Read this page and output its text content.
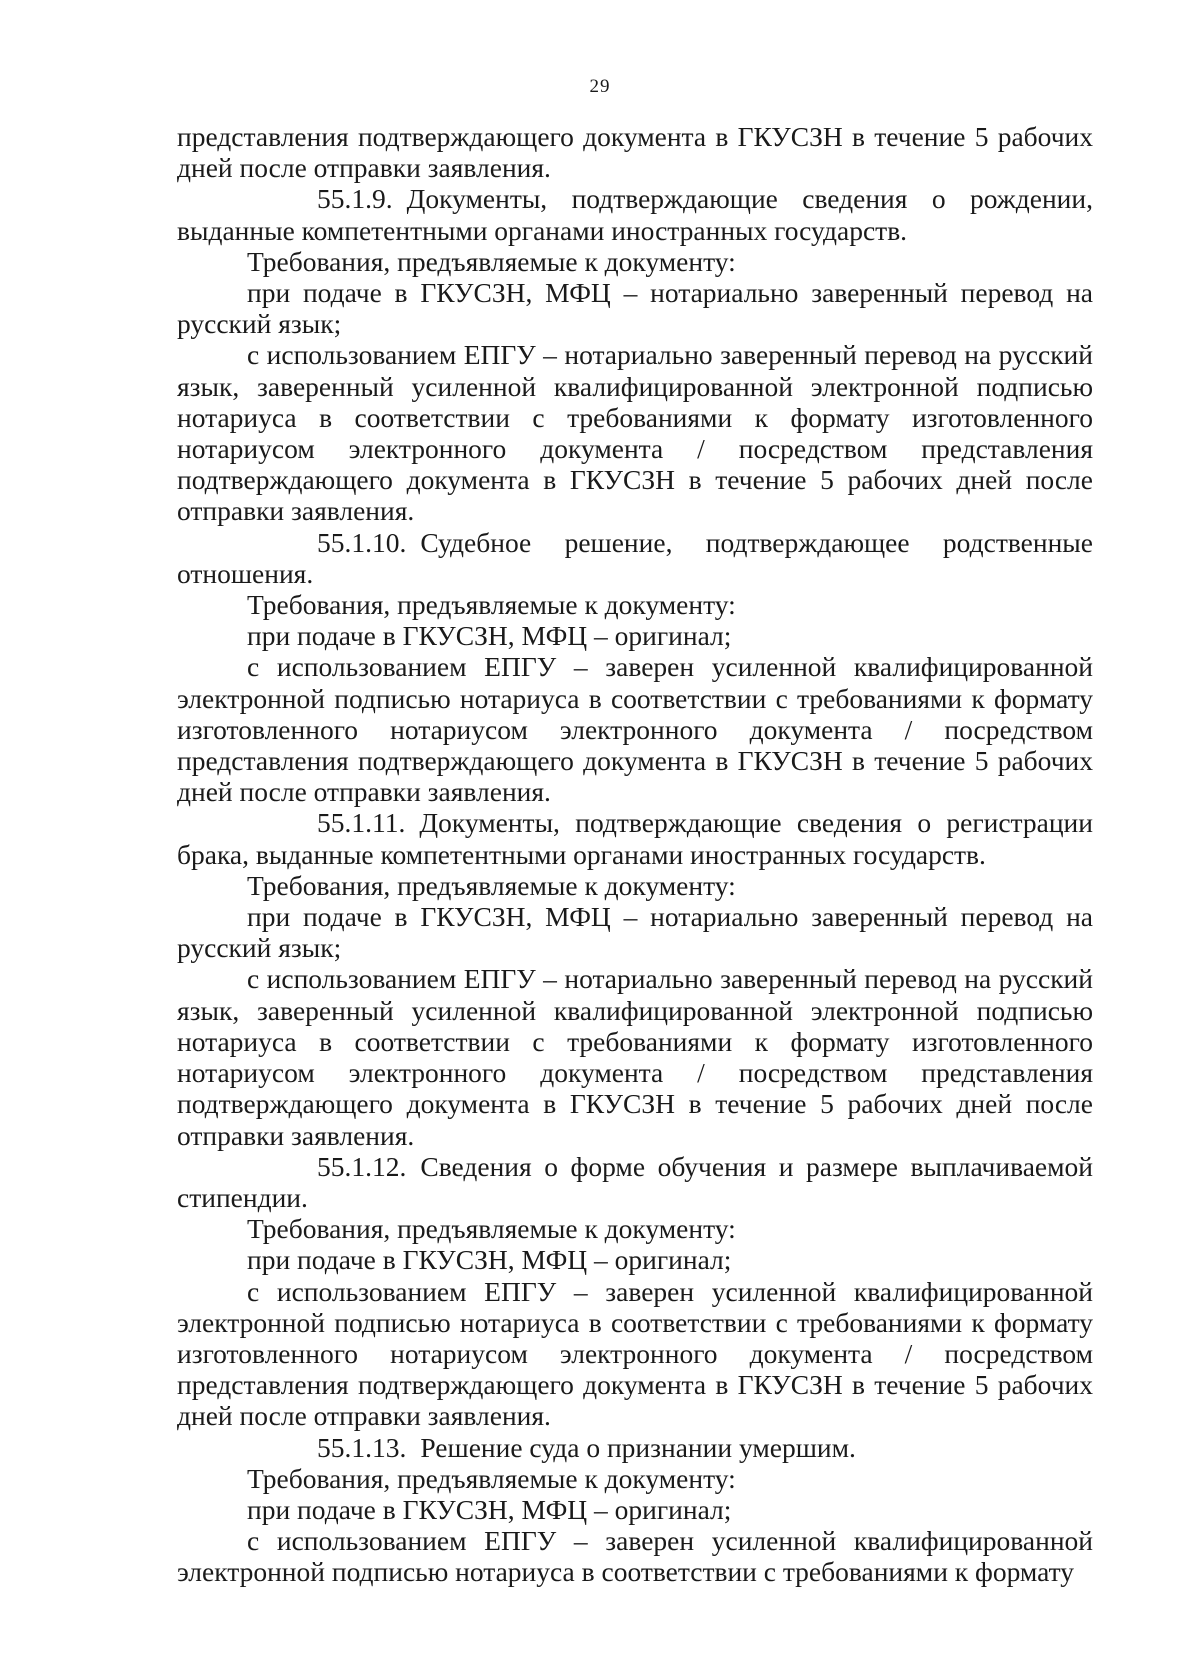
29

представления подтверждающего документа в ГКУСЗН в течение 5 рабочих дней после отправки заявления.

55.1.9. Документы, подтверждающие сведения о рождении, выданные компетентными органами иностранных государств.

Требования, предъявляемые к документу:

при подаче в ГКУСЗН, МФЦ – нотариально заверенный перевод на русский язык;

с использованием ЕПГУ – нотариально заверенный перевод на русский язык, заверенный усиленной квалифицированной электронной подписью нотариуса в соответствии с требованиями к формату изготовленного нотариусом электронного документа / посредством представления подтверждающего документа в ГКУСЗН в течение 5 рабочих дней после отправки заявления.

55.1.10. Судебное решение, подтверждающее родственные отношения.

Требования, предъявляемые к документу:

при подаче в ГКУСЗН, МФЦ – оригинал;

с использованием ЕПГУ – заверен усиленной квалифицированной электронной подписью нотариуса в соответствии с требованиями к формату изготовленного нотариусом электронного документа / посредством представления подтверждающего документа в ГКУСЗН в течение 5 рабочих дней после отправки заявления.

55.1.11. Документы, подтверждающие сведения о регистрации брака, выданные компетентными органами иностранных государств.

Требования, предъявляемые к документу:

при подаче в ГКУСЗН, МФЦ – нотариально заверенный перевод на русский язык;

с использованием ЕПГУ – нотариально заверенный перевод на русский язык, заверенный усиленной квалифицированной электронной подписью нотариуса в соответствии с требованиями к формату изготовленного нотариусом электронного документа / посредством представления подтверждающего документа в ГКУСЗН в течение 5 рабочих дней после отправки заявления.

55.1.12. Сведения о форме обучения и размере выплачиваемой стипендии.

Требования, предъявляемые к документу:

при подаче в ГКУСЗН, МФЦ – оригинал;

с использованием ЕПГУ – заверен усиленной квалифицированной электронной подписью нотариуса в соответствии с требованиями к формату изготовленного нотариусом электронного документа / посредством представления подтверждающего документа в ГКУСЗН в течение 5 рабочих дней после отправки заявления.

55.1.13. Решение суда о признании умершим.

Требования, предъявляемые к документу:

при подаче в ГКУСЗН, МФЦ – оригинал;

с использованием ЕПГУ – заверен усиленной квалифицированной электронной подписью нотариуса в соответствии с требованиями к формату
